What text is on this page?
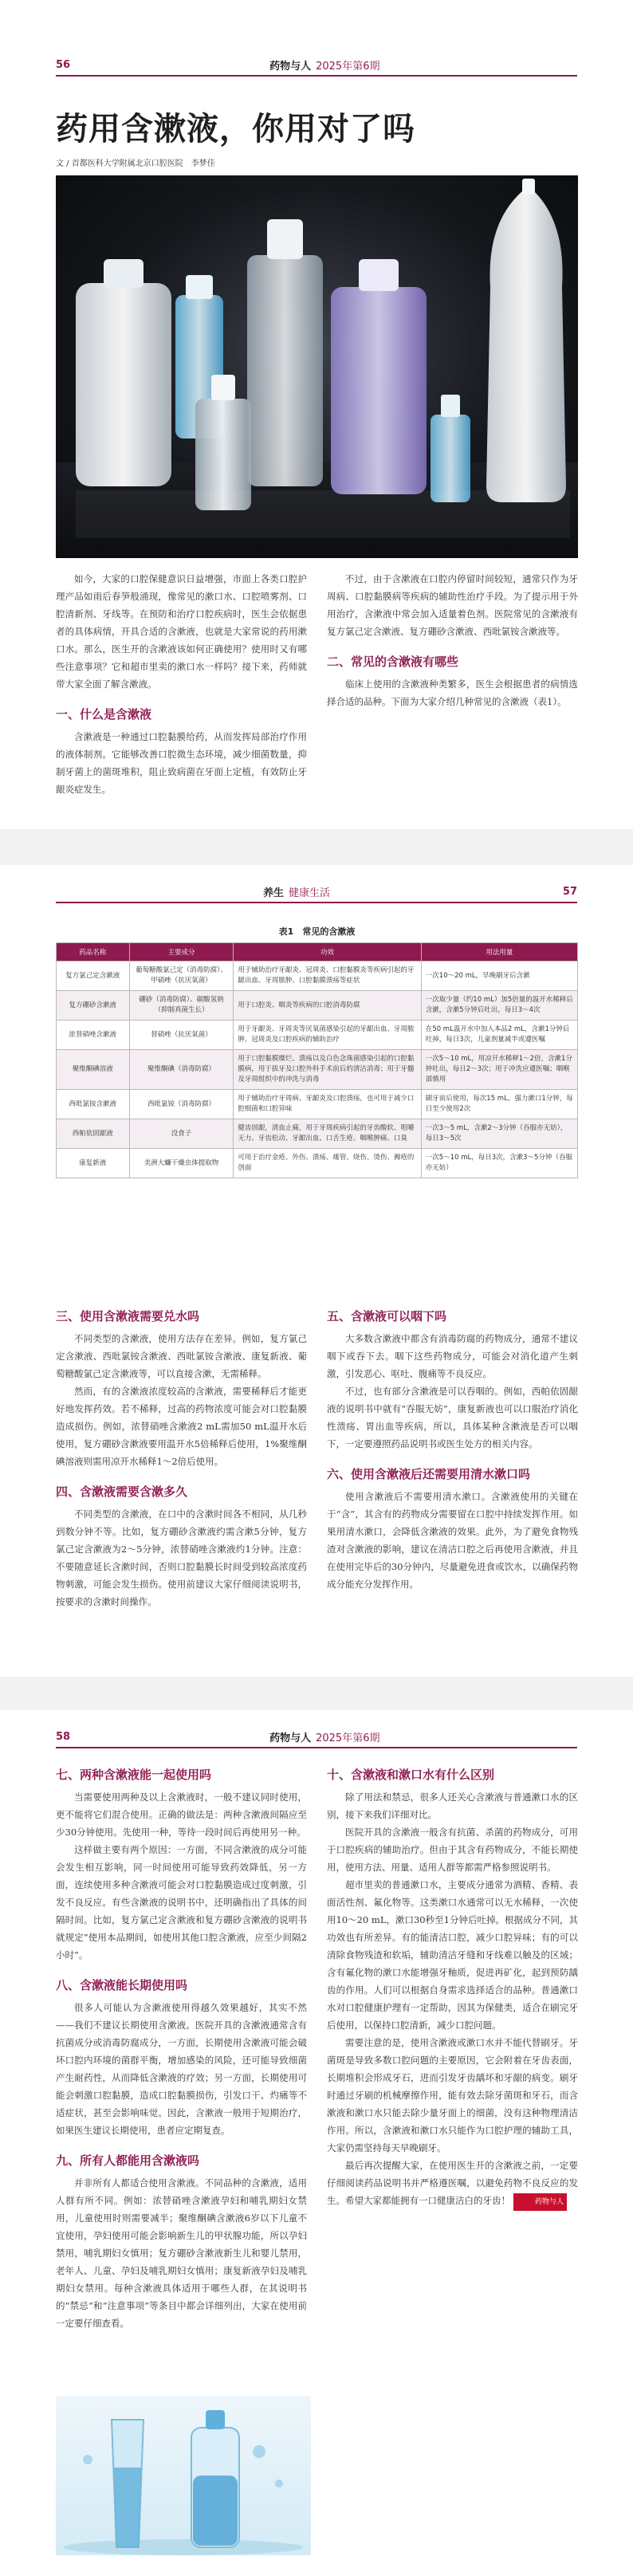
56	药物与人 2025年第6期
药用含漱液，你用对了吗
文 / 首都医科大学附属北京口腔医院　李梦佳

如今，大家的口腔保健意识日益增强，市面上各类口腔护理产品如雨后春笋般涌现，像常见的漱口水、口腔喷雾剂、口腔清新剂、牙线等。在预防和治疗口腔疾病时，医生会依据患者的具体病情，开具合适的含漱液，也就是大家常说的药用漱口水。那么，医生开的含漱液该如何正确使用？使用时又有哪些注意事项？它和超市里卖的漱口水一样吗？接下来，药师就带大家全面了解含漱液。

一、什么是含漱液

含漱液是一种通过口腔黏膜给药，从而发挥局部治疗作用的液体制剂。它能够改善口腔微生态环境，减少细菌数量，抑制牙菌上的菌斑堆积，阻止致病菌在牙面上定植，有效防止牙龈炎症发生。

不过，由于含漱液在口腔内停留时间较短，通常只作为牙周病、口腔黏膜病等疾病的辅助性治疗手段。为了提示用于外用治疗，含漱液中常会加入适量着色剂。医院常见的含漱液有复方氯己定含漱液、复方硼砂含漱液、西吡氯铵含漱液等。

二、常见的含漱液有哪些

临床上使用的含漱液种类繁多，医生会根据患者的病情选择合适的品种。下面为大家介绍几种常见的含漱液（表1）。

养生 健康生活	57
表1　常见的含漱液
药品名称	主要成分	功效	用法用量
复方氯己定含漱液	葡萄糖酸氯己定（消毒防腐）、甲硝唑（抗厌氧菌）	用于辅助治疗牙龈炎、冠周炎、口腔黏膜炎等疾病引起的牙龈出血、牙周脓肿、口腔黏膜溃疡等症状	一次10～20 mL，早晚刷牙后含漱
复方硼砂含漱液	硼砂（消毒防腐）、碳酸氢钠（抑制真菌生长）	用于口腔炎、咽炎等疾病的口腔消毒防腐	一次取少量（约10 mL）加5倍量的温开水稀释后含漱，含漱5分钟后吐出，每日3～4次
浓替硝唑含漱液	替硝唑（抗厌氧菌）	用于牙龈炎、牙周炎等厌氧菌感染引起的牙龈出血、牙周脓肿、冠周炎及口腔疾病的辅助治疗	在50 mL温开水中加入本品2 mL，含漱1分钟后吐掉，每日3次，儿童剂量减半或遵医嘱
聚维酮碘溶液	聚维酮碘（消毒防腐）	用于口腔黏膜糜烂、溃疡以及白色念珠菌感染引起的口腔黏膜病，用于拔牙及口腔外科手术前后的清洁消毒；用于牙髓及牙周组织中的冲洗与消毒	一次5～10 mL，用凉开水稀释1～2倍，含漱1分钟吐出，每日2～3次；用于冲洗应遵医嘱；咽喉部慎用
西吡氯铵含漱液	西吡氯铵（消毒防腐）	用于辅助治疗牙周病、牙龈炎及口腔溃疡，也可用于减少口腔细菌和口腔异味	刷牙前后使用，每次15 mL，强力漱口1分钟，每日至少使用2次
西帕依固龈液	没食子	健齿固龈，清血止痛，用于牙周疾病引起的牙齿酸软、咀嚼无力、牙齿松动、牙龈出血、口舌生疮、咽喉肿痛、口臭	一次3～5 mL，含漱2～3分钟（吞服亦无妨），每日3～5次
康复新液	美洲大蠊干燥虫体提取物	可用于治疗金疮、外伤、溃疡、瘘管、烧伤、烫伤、褥疮的创面	一次5～10 mL，每日3次，含漱3～5分钟（吞服亦无妨）
三、使用含漱液需要兑水吗

不同类型的含漱液，使用方法存在差异。例如，复方氯己定含漱液、西吡氯铵含漱液、西吡氯铵含漱液、康复新液、葡萄糖酸氯己定含漱液等，可以直接含漱，无需稀释。

然而，有的含漱液浓度较高的含漱液，需要稀释后才能更好地发挥药效。若不稀释，过高的药物浓度可能会对口腔黏膜造成损伤。例如，浓替硝唑含漱液2 mL需加50 mL温开水后使用，复方硼砂含漱液要用温开水5倍稀释后使用，1%聚维酮碘溶液则需用凉开水稀释1～2倍后使用。

四、含漱液需要含漱多久

不同类型的含漱液，在口中的含漱时间各不相同，从几秒到数分钟不等。比如，复方硼砂含漱液约需含漱5分钟，复方氯己定含漱液为2～5分钟，浓替硝唑含漱液约1分钟。注意：不要随意延长含漱时间，否则口腔黏膜长时间受到较高浓度药物刺激，可能会发生损伤。使用前建议大家仔细阅读说明书，按要求的含漱时间操作。

五、含漱液可以咽下吗

大多数含漱液中都含有消毒防腐的药物成分，通常不建议咽下或吞下去。咽下这些药物成分，可能会对消化道产生刺激，引发恶心、呕吐、腹痛等不良反应。

不过，也有部分含漱液是可以吞咽的。例如，西帕依固龈液的说明书中就有“吞服无妨”，康复新液也可以口服治疗消化性溃疡、胃出血等疾病，所以，具体某种含漱液是否可以咽下，一定要遵照药品说明书或医生处方的相关内容。

六、使用含漱液后还需要用清水漱口吗

使用含漱液后不需要用清水漱口。含漱液使用的关键在于“含”，其含有的药物成分需要留在口腔中持续发挥作用。如果用清水漱口，会降低含漱液的效果。此外，为了避免食物残渣对含漱液的影响，建议在清洁口腔之后再使用含漱液，并且在使用完毕后的30分钟内，尽量避免进食或饮水，以确保药物成分能充分发挥作用。

58	药物与人 2025年第6期
七、两种含漱液能一起使用吗

当需要使用两种及以上含漱液时，一般不建议同时使用，更不能将它们混合使用。正确的做法是：两种含漱液间隔应至少30分钟使用。先使用一种，等待一段时间后再使用另一种。

这样做主要有两个原因：一方面，不同含漱液的成分可能会发生相互影响，同一时间使用可能导致药效降低，另一方面，连续使用多种含漱液可能会对口腔黏膜造成过度刺激，引发不良反应。有些含漱液的说明书中，还明确指出了具体的间隔时间。比如，复方氯己定含漱液和复方硼砂含漱液的说明书就规定“使用本品期间，如使用其他口腔含漱液，应至少间隔2小时”。

八、含漱液能长期使用吗

很多人可能认为含漱液使用得越久效果越好，其实不然——我们不建议长期使用含漱液。医院开具的含漱液通常含有抗菌成分或消毒防腐成分，一方面，长期使用含漱液可能会破坏口腔内环境的菌群平衡，增加感染的风险，还可能导致细菌产生耐药性，从而降低含漱液的疗效；另一方面，长期使用可能会刺激口腔黏膜，造成口腔黏膜损伤，引发口干、灼痛等不适症状，甚至会影响味觉。因此，含漱液一般用于短期治疗，如果医生建议长期使用，患者应定期复查。

九、所有人都能用含漱液吗

并非所有人都适合使用含漱液。不同品种的含漱液，适用人群有所不同。例如：浓替硝唑含漱液孕妇和哺乳期妇女禁用，儿童使用时则需要减半；聚维酮碘含漱液6岁以下儿童不宜使用，孕妇使用可能会影响新生儿的甲状腺功能，所以孕妇禁用，哺乳期妇女慎用；复方硼砂含漱液新生儿和婴儿禁用，老年人、儿童、孕妇及哺乳期妇女慎用；康复新液孕妇及哺乳期妇女禁用。每种含漱液具体适用于哪些人群，在其说明书的“禁忌”和“注意事项”等条目中都会详细列出，大家在使用前一定要仔细查看。

十、含漱液和漱口水有什么区别

除了用法和禁忌，很多人还关心含漱液与普通漱口水的区别，接下来我们详细对比。

医院开具的含漱液一般含有抗菌、杀菌的药物成分，可用于口腔疾病的辅助治疗。但由于其含有药物成分，不能长期使用，使用方法、用量、适用人群等都需严格参照说明书。

超市里卖的普通漱口水，主要成分通常为酒精、香精、表面活性剂、氟化物等。这类漱口水通常可以无水稀释，一次使用10～20 mL，漱口30秒至1分钟后吐掉。根据成分不同，其功效也有所差异。有的能清洁口腔，减少口腔异味；有的可以清除食物残渣和软垢，辅助清洁牙缝和牙线难以触及的区域；含有氟化物的漱口水能增强牙釉质，促进再矿化，起到预防龋齿的作用。人们可以根据自身需求选择适合的品种。普通漱口水对口腔健康护理有一定帮助，因其为保健类，适合在刷完牙后使用，以保持口腔清新，减少口腔问题。

需要注意的是，使用含漱液或漱口水并不能代替刷牙。牙菌斑是导致多数口腔问题的主要原因，它会附着在牙齿表面，长期堆积会形成牙石，进而引发牙齿龋坏和牙龈的病变。刷牙时通过牙刷的机械摩擦作用，能有效去除牙菌斑和牙石，而含漱液和漱口水只能去除少量牙面上的细菌，没有这种物理清洁作用。所以，含漱液和漱口水只能作为口腔护理的辅助工具，大家仍需坚持每天早晚刷牙。

最后再次提醒大家，在使用医生开的含漱液之前，一定要仔细阅读药品说明书并严格遵医嘱，以避免药物不良反应的发生。希望大家都能拥有一口健康洁白的牙齿！	药物与人
